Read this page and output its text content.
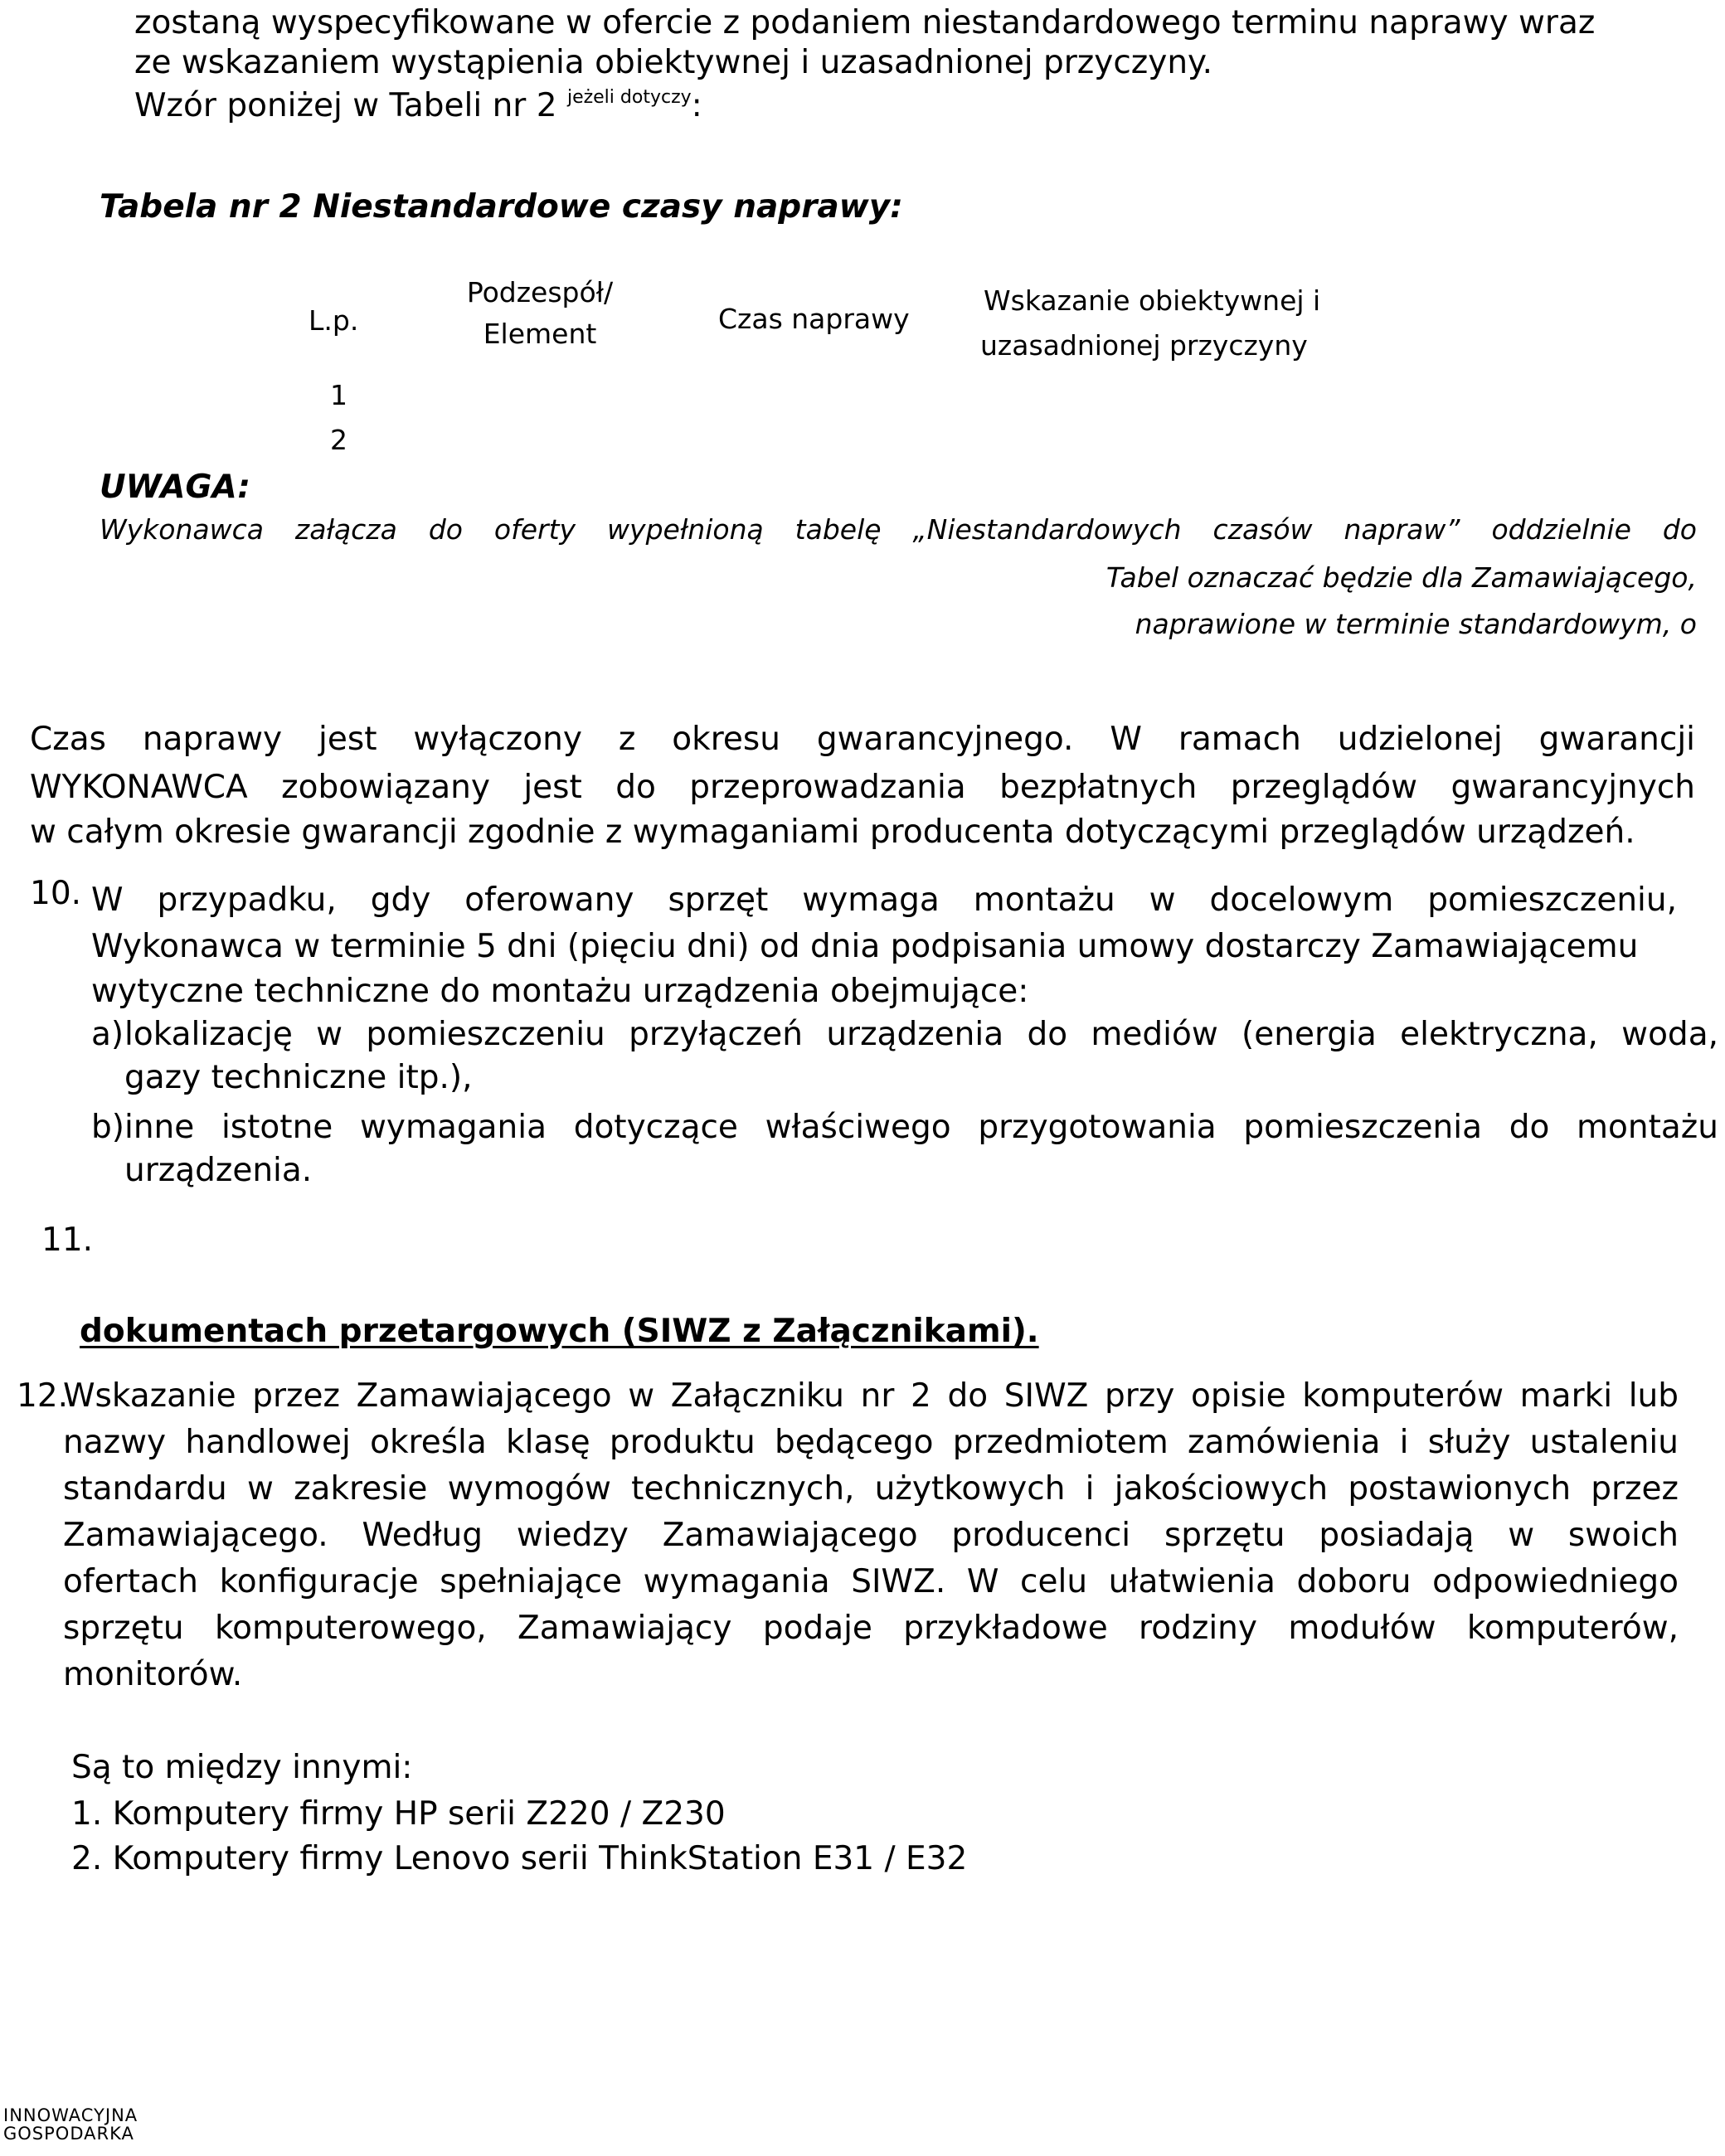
zostaną wyspecyfikowane w ofercie z podaniem niestandardowego terminu naprawy wraz
ze wskazaniem wystąpienia obiektywnej i uzasadnionej przyczyny.
Wzór poniżej w Tabeli nr 2 $^{jeżeli dotyczy}$:
Tabela nr 2 Niestandardowe czasy naprawy:
L.p.
Podzespół/
Element	Czas naprawy
Wskazanie obiektywnej i
uzasadnionej przyczyny
1
2
UWAGA:
Wykonawca załącza do oferty wypełnioną tabelę „Niestandardowych czasów napraw” oddzielnie do
Tabel oznaczać będzie dla Zamawiającego,
naprawione w terminie standardowym, o
Czas naprawy jest wyłączony z okresu gwarancyjnego. W ramach udzielonej gwarancji
WYKONAWCA zobowiązany jest do przeprowadzania bezpłatnych przeglądów gwarancyjnych
w całym okresie gwarancji zgodnie z wymaganiami producenta dotyczącymi przeglądów urządzeń.
10. W przypadku, gdy oferowany sprzęt wymaga montażu w docelowym pomieszczeniu,
Wykonawca w terminie 5 dni (pięciu dni) od dnia podpisania umowy dostarczy Zamawiającemu
wytyczne techniczne do montażu urządzenia obejmujące:
a) lokalizację w pomieszczeniu przyłączeń urządzenia do mediów (energia elektryczna, woda,
gazy techniczne itp.),
b) inne istotne wymagania dotyczące właściwego przygotowania pomieszczenia do montażu
urządzenia.
11.
dokumentach przetargowych (SIWZ z Załącznikami).
12.
Wskazanie przez Zamawiającego w Załączniku nr 2 do SIWZ przy opisie komputerów marki lub
nazwy handlowej określa klasę produktu będącego przedmiotem zamówienia i służy ustaleniu
standardu w zakresie wymogów technicznych, użytkowych i jakościowych postawionych przez
Zamawiającego. Według wiedzy Zamawiającego producenci sprzętu posiadają w swoich
ofertach konfiguracje spełniające wymagania SIWZ. W celu ułatwienia doboru odpowiedniego
sprzętu komputerowego, Zamawiający podaje przykładowe rodziny modułów komputerów,
monitorów.
Są to między innymi:
1. Komputery firmy HP serii Z220 / Z230
2. Komputery firmy Lenovo serii ThinkStation E31 / E32
INNOWACYJNA
GOSPODARKA
